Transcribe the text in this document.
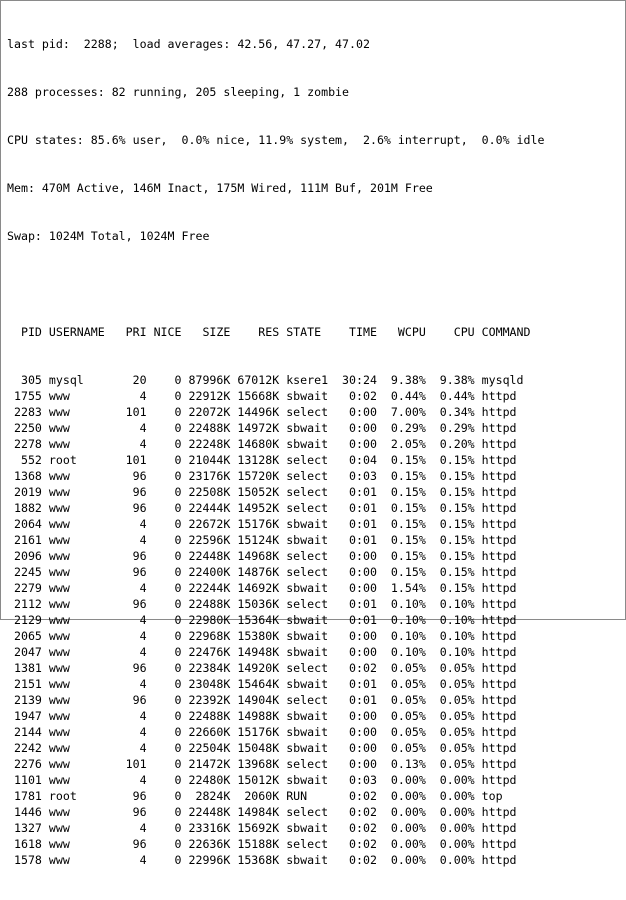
last pid:  2288;  load averages: 42.56, 47.27, 47.02

288 processes: 82 running, 205 sleeping, 1 zombie

CPU states: 85.6% user,  0.0% nice, 11.9% system,  2.6% interrupt,  0.0% idle

Mem: 470M Active, 146M Inact, 175M Wired, 111M Buf, 201M Free

Swap: 1024M Total, 1024M Free

PID USERNAME   PRI NICE   SIZE    RES STATE    TIME   WCPU    CPU COMMAND

305 mysql       20    0 87996K 67012K ksere1  30:24  9.38%  9.38% mysqld
1755 www          4    0 22912K 15668K sbwait   0:02  0.44%  0.44% httpd
2283 www        101    0 22072K 14496K select   0:00  7.00%  0.34% httpd
2250 www          4    0 22488K 14972K sbwait   0:00  0.29%  0.29% httpd
2278 www          4    0 22248K 14680K sbwait   0:00  2.05%  0.20% httpd
552 root       101    0 21044K 13128K select   0:04  0.15%  0.15% httpd
1368 www         96    0 23176K 15720K select   0:03  0.15%  0.15% httpd
2019 www         96    0 22508K 15052K select   0:01  0.15%  0.15% httpd
1882 www         96    0 22444K 14952K select   0:01  0.15%  0.15% httpd
2064 www          4    0 22672K 15176K sbwait   0:01  0.15%  0.15% httpd
2161 www          4    0 22596K 15124K sbwait   0:01  0.15%  0.15% httpd
2096 www         96    0 22448K 14968K select   0:00  0.15%  0.15% httpd
2245 www         96    0 22400K 14876K select   0:00  0.15%  0.15% httpd
2279 www          4    0 22244K 14692K sbwait   0:00  1.54%  0.15% httpd
2112 www         96    0 22488K 15036K select   0:01  0.10%  0.10% httpd
2129 www          4    0 22980K 15364K sbwait   0:01  0.10%  0.10% httpd
2065 www          4    0 22968K 15380K sbwait   0:00  0.10%  0.10% httpd
2047 www          4    0 22476K 14948K sbwait   0:00  0.10%  0.10% httpd
1381 www         96    0 22384K 14920K select   0:02  0.05%  0.05% httpd
2151 www          4    0 23048K 15464K sbwait   0:01  0.05%  0.05% httpd
2139 www         96    0 22392K 14904K select   0:01  0.05%  0.05% httpd
1947 www          4    0 22488K 14988K sbwait   0:00  0.05%  0.05% httpd
2144 www          4    0 22660K 15176K sbwait   0:00  0.05%  0.05% httpd
2242 www          4    0 22504K 15048K sbwait   0:00  0.05%  0.05% httpd
2276 www        101    0 21472K 13968K select   0:00  0.13%  0.05% httpd
1101 www          4    0 22480K 15012K sbwait   0:03  0.00%  0.00% httpd
1781 root        96    0  2824K  2060K RUN      0:02  0.00%  0.00% top
1446 www         96    0 22448K 14984K select   0:02  0.00%  0.00% httpd
1327 www          4    0 23316K 15692K sbwait   0:02  0.00%  0.00% httpd
1618 www         96    0 22636K 15188K select   0:02  0.00%  0.00% httpd
1578 www          4    0 22996K 15368K sbwait   0:02  0.00%  0.00% httpd
